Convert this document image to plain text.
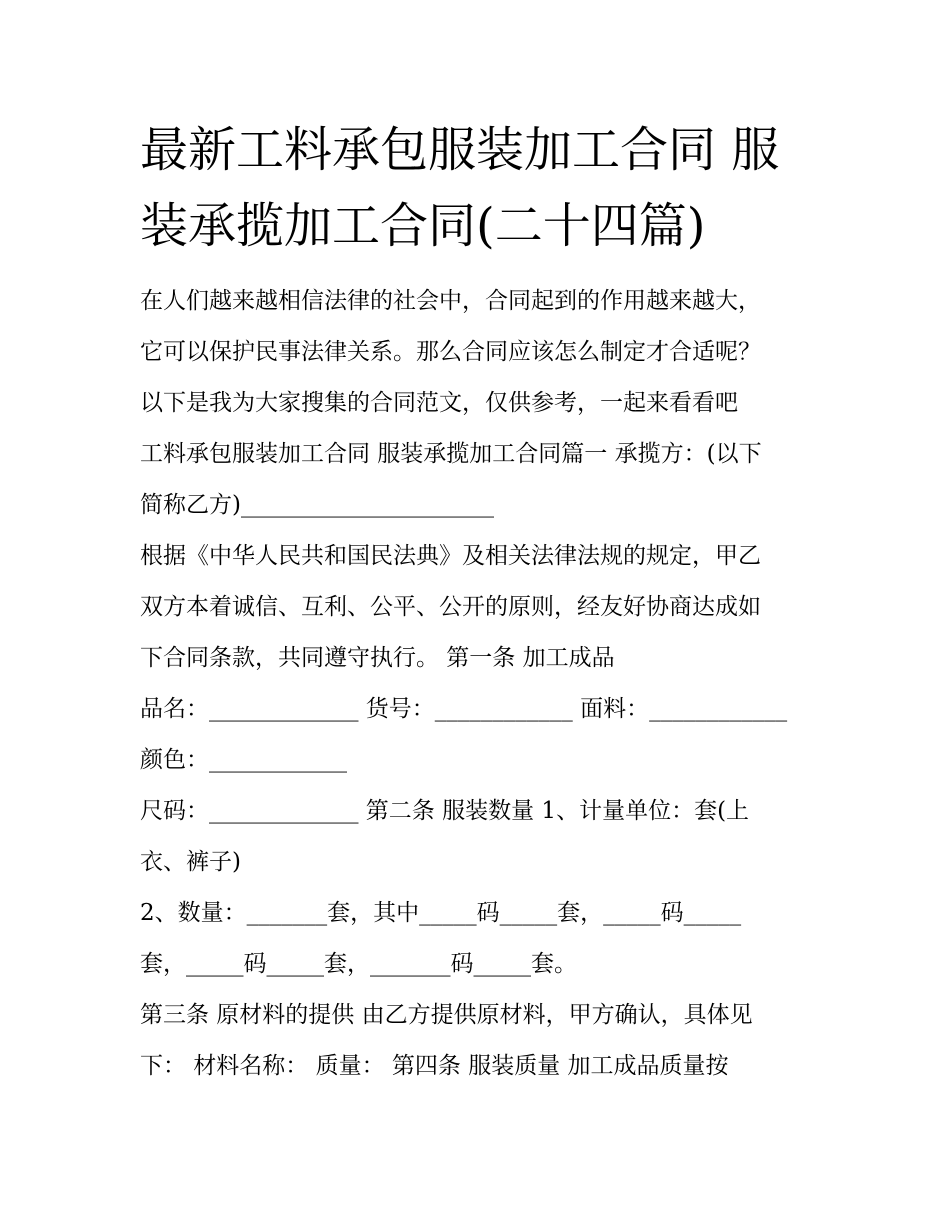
最新工料承包服装加工合同 服
装承揽加工合同(二十四篇)
在人们越来越相信法律的社会中，合同起到的作用越来越大，
它可以保护民事法律关系。那么合同应该怎么制定才合适呢？
以下是我为大家搜集的合同范文，仅供参考，一起来看看吧
工料承包服装加工合同 服装承揽加工合同篇一 承揽方：(以下
简称乙方)______________________
根据《中华人民共和国民法典》及相关法律法规的规定，甲乙
双方本着诚信、互利、公平、公开的原则，经友好协商达成如
下合同条款，共同遵守执行。 第一条 加工成品
品名：_____________ 货号：____________ 面料：____________
颜色：____________
尺码：_____________ 第二条 服装数量 1、计量单位：套(上
衣、裤子)
2、数量：_______套，其中_____码_____套，_____码_____
套，_____码_____套，_______码_____套。
第三条 原材料的提供 由乙方提供原材料，甲方确认，具体见
下： 材料名称： 质量： 第四条 服装质量 加工成品质量按
